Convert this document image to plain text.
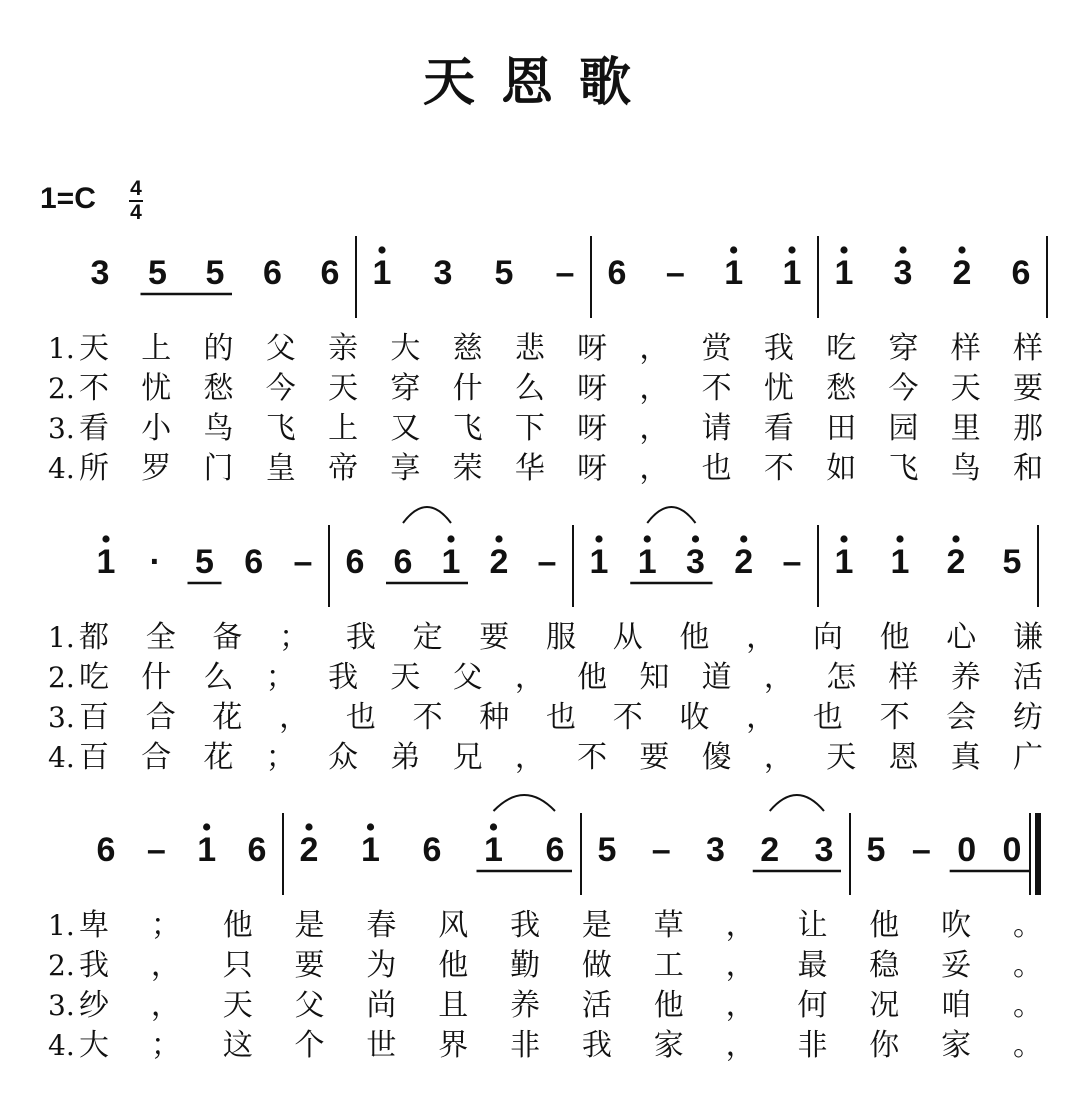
天恩歌
1=C 4
4
3 5 5 6 6 1 3 5 – 6 – 1 1 1 3 2 6
1. 天 上 的 父 亲 大 慈 悲 呀 ， 赏 我 吃 穿 样 样
2. 不 忧 愁 今 天 穿 什 么 呀 ， 不 忧 愁 今 天 要
3. 看 小 鸟 飞 上 又 飞 下 呀 ， 请 看 田 园 里 那
4. 所 罗 门 皇 帝 享 荣 华 呀 ， 也 不 如 飞 鸟 和
1 · 5 6 – 6 6 1 2 – 1 1 3 2 – 1 1 2 5
1. 都 全 备 ； 我 定 要 服 从 他 ， 向 他 心 谦
2. 吃 什 么 ； 我 天 父 ， 他 知 道 ， 怎 样 养 活
3. 百 合 花 ， 也 不 种 也 不 收 ， 也 不 会 纺
4. 百 合 花 ； 众 弟 兄 ， 不 要 傻 ， 天 恩 真 广
6 – 1 6 2 1 6 1 6 5 – 3 2 3 5 – 0 0
1. 卑 ； 他 是 春 风 我 是 草 ， 让 他 吹 。
2. 我 ， 只 要 为 他 勤 做 工 ， 最 稳 妥 。
3. 纱 ， 天 父 尚 且 养 活 他 ， 何 况 咱 。
4. 大 ； 这 个 世 界 非 我 家 ， 非 你 家 。
